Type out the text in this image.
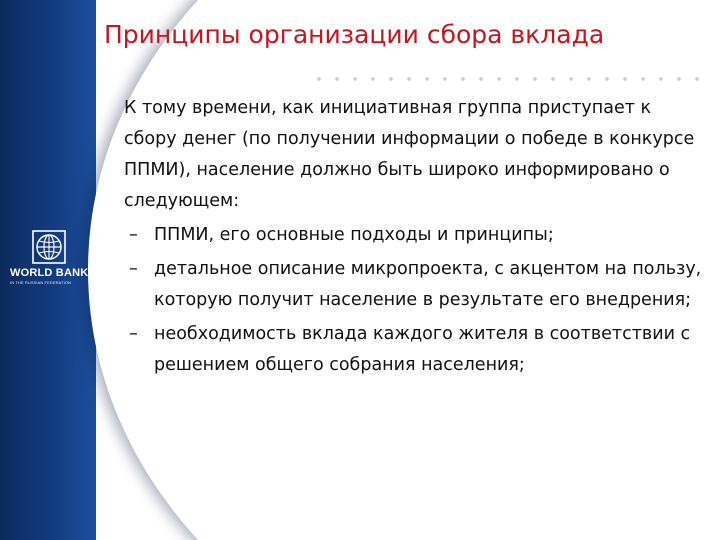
WORLD BANK
IN THE RUSSIAN FEDERATION
Принципы организации сбора вклада

К тому времени, как инициативная группа приступает к сбору денег (по получении информации о победе в конкурсе ППМИ), население должно быть широко информировано о следующем:

– ППМИ, его основные подходы и принципы;
– детальное описание микропроекта, с акцентом на пользу, которую получит население в результате его внедрения;
– необходимость вклада каждого жителя в соответствии с решением общего собрания населения;
